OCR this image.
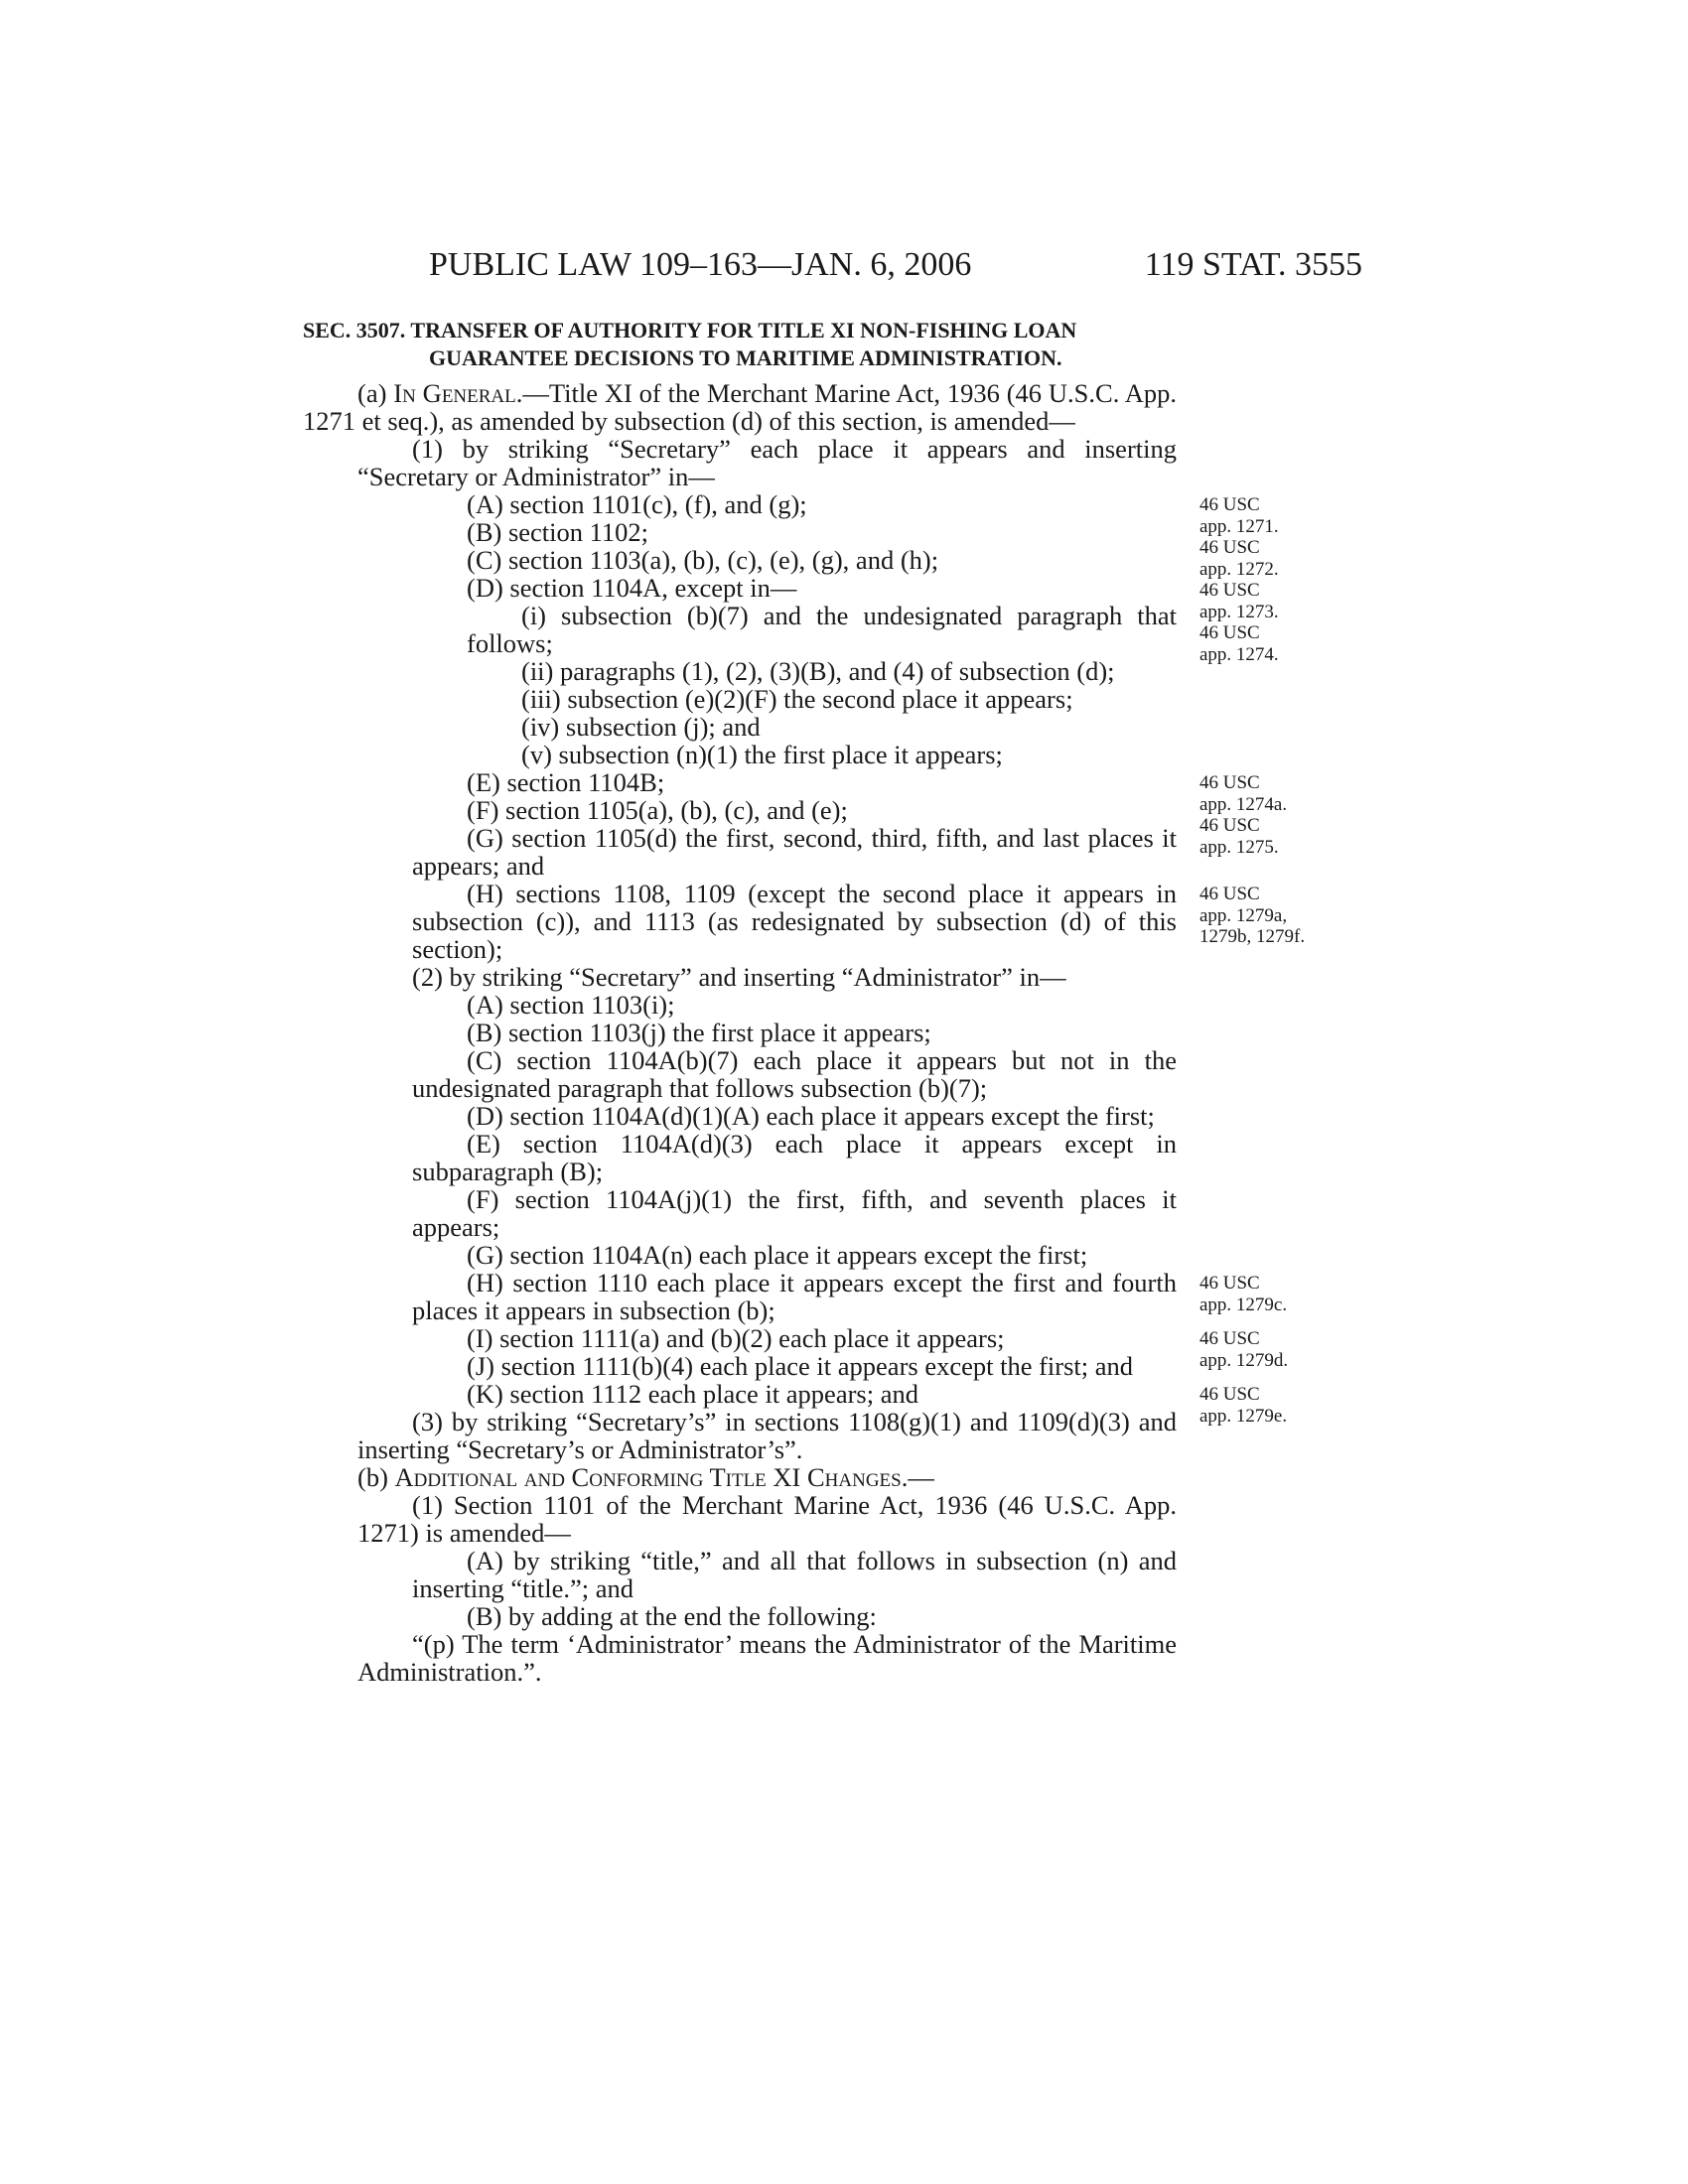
PUBLIC LAW 109–163—JAN. 6, 2006	119 STAT. 3555
SEC. 3507. TRANSFER OF AUTHORITY FOR TITLE XI NON-FISHING LOAN
GUARANTEE DECISIONS TO MARITIME ADMINISTRATION.
(a) In General.—Title XI of the Merchant Marine Act, 1936 (46 U.S.C. App. 1271 et seq.), as amended by subsection (d) of this section, is amended—
(1) by striking “Secretary” each place it appears and inserting “Secretary or Administrator” in—
(A) section 1101(c), (f), and (g);
(B) section 1102;
(C) section 1103(a), (b), (c), (e), (g), and (h);
(D) section 1104A, except in—
(i) subsection (b)(7) and the undesignated paragraph that follows;
(ii) paragraphs (1), (2), (3)(B), and (4) of subsection (d);
(iii) subsection (e)(2)(F) the second place it appears;
(iv) subsection (j); and
(v) subsection (n)(1) the first place it appears;
(E) section 1104B;
(F) section 1105(a), (b), (c), and (e);
(G) section 1105(d) the first, second, third, fifth, and last places it appears; and
(H) sections 1108, 1109 (except the second place it appears in subsection (c)), and 1113 (as redesignated by subsection (d) of this section);
(2) by striking “Secretary” and inserting “Administrator” in—
(A) section 1103(i);
(B) section 1103(j) the first place it appears;
(C) section 1104A(b)(7) each place it appears but not in the undesignated paragraph that follows subsection (b)(7);
(D) section 1104A(d)(1)(A) each place it appears except the first;
(E) section 1104A(d)(3) each place it appears except in subparagraph (B);
(F) section 1104A(j)(1) the first, fifth, and seventh places it appears;
(G) section 1104A(n) each place it appears except the first;
(H) section 1110 each place it appears except the first and fourth places it appears in subsection (b);
(I) section 1111(a) and (b)(2) each place it appears;
(J) section 1111(b)(4) each place it appears except the first; and
(K) section 1112 each place it appears; and
(3) by striking “Secretary’s” in sections 1108(g)(1) and 1109(d)(3) and inserting “Secretary’s or Administrator’s”.
(b) Additional and Conforming Title XI Changes.—
(1) Section 1101 of the Merchant Marine Act, 1936 (46 U.S.C. App. 1271) is amended—
(A) by striking “title,” and all that follows in subsection (n) and inserting “title.”; and
(B) by adding at the end the following:
“(p) The term ‘Administrator’ means the Administrator of the Maritime Administration.”.
46 USC
app. 1271.
46 USC
app. 1272.
46 USC
app. 1273.
46 USC
app. 1274.
46 USC
app. 1274a.
46 USC
app. 1275.
46 USC
app. 1279a,
1279b, 1279f.
46 USC
app. 1279c.
46 USC
app. 1279d.
46 USC
app. 1279e.
